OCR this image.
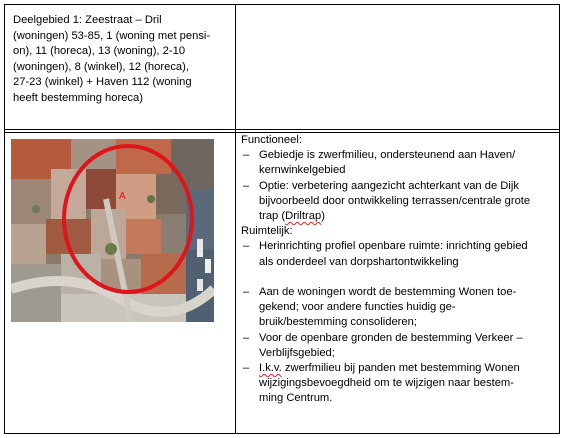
Deelgebied 1: Zeestraat – Dril
(woningen) 53-85, 1 (woning met pensi-
on), 11 (horeca), 13 (woning), 2-10
(woningen), 8 (winkel), 12 (horeca),
27-23 (winkel) + Haven 112 (woning
heeft bestemming horeca)
A
Functioneel:
– Gebiedje is zwerfmilieu, ondersteunend aan Haven/
kernwinkelgebied
– Optie: verbetering aangezicht achterkant van de Dijk
bijvoorbeeld door ontwikkeling terrassen/centrale grote
trap (Driltrap)
Ruimtelijk:
– Herinrichting profiel openbare ruimte: inrichting gebied
als onderdeel van dorpshartontwikkeling
– Aan de woningen wordt de bestemming Wonen toe-
gekend; voor andere functies huidig ge-
bruik/bestemming consolideren;
– Voor de openbare gronden de bestemming Verkeer –
Verblijfsgebied;
– I.k.v. zwerfmilieu bij panden met bestemming Wonen
wijzigingsbevoegdheid om te wijzigen naar bestem-
ming Centrum.
